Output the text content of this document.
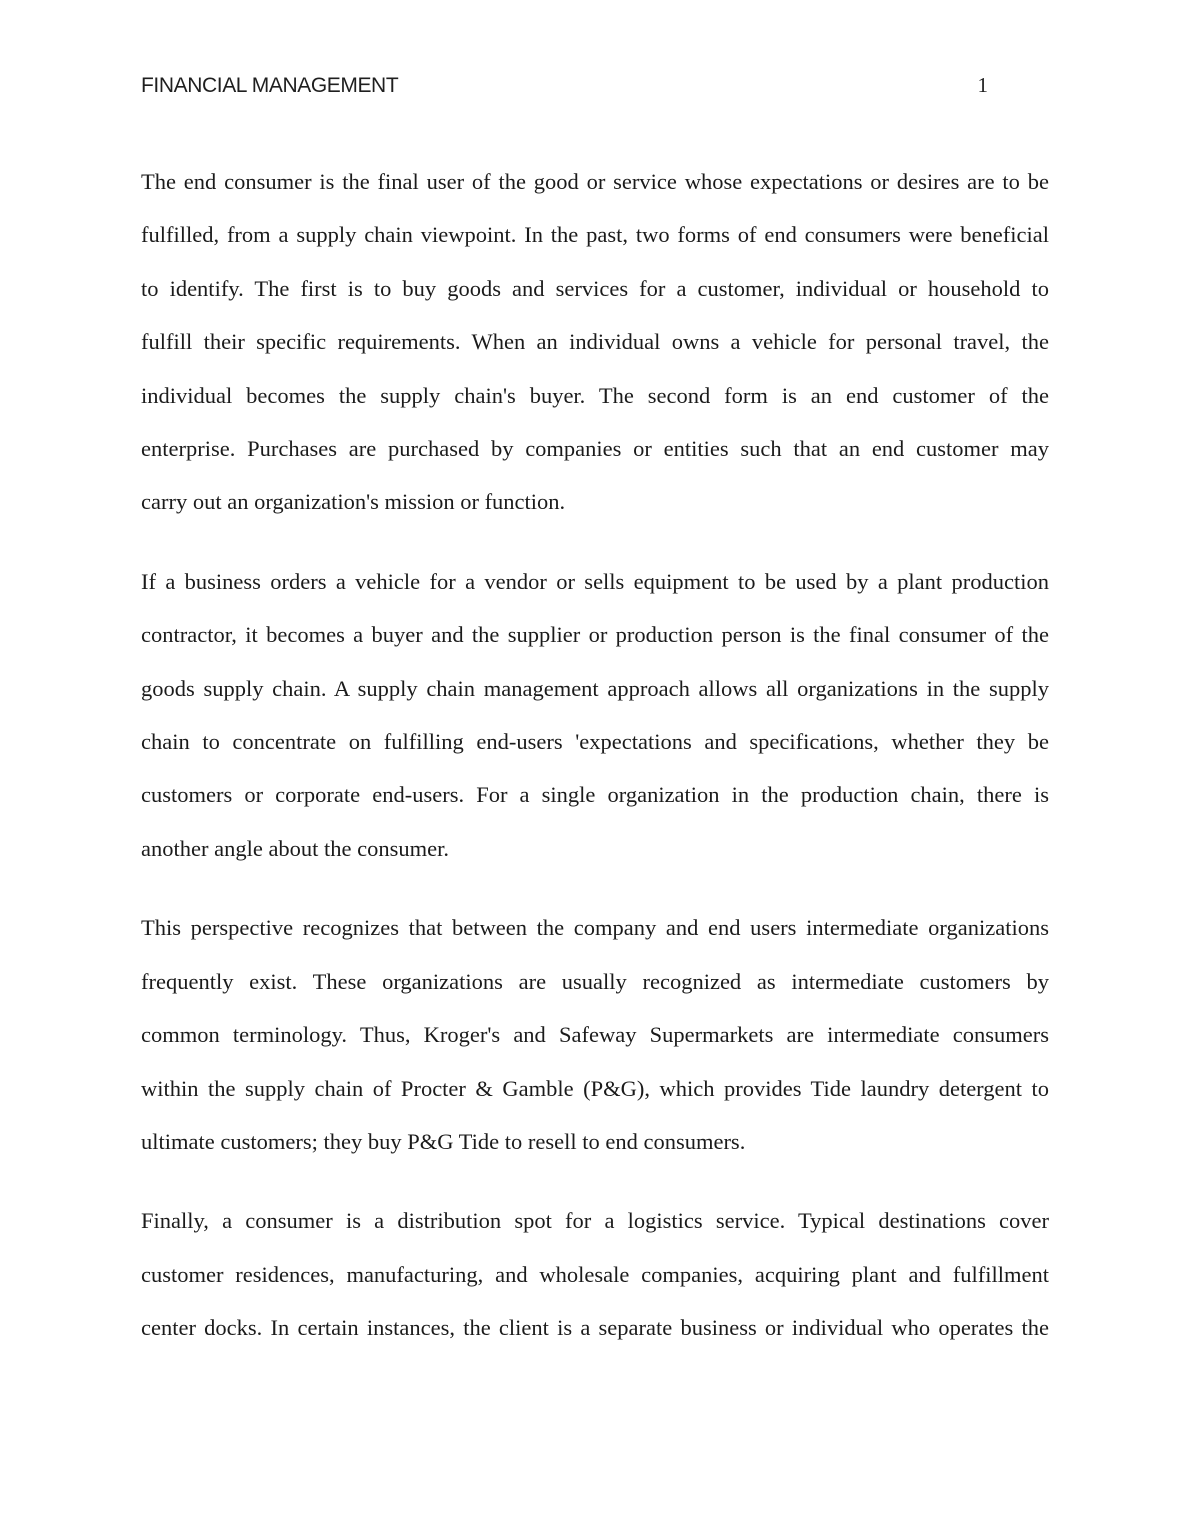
FINANCIAL MANAGEMENT	1
The end consumer is the final user of the good or service whose expectations or desires are to be
fulfilled, from a supply chain viewpoint. In the past, two forms of end consumers were beneficial
to identify. The first is to buy goods and services for a customer, individual or household to
fulfill their specific requirements. When an individual owns a vehicle for personal travel, the
individual becomes the supply chain's buyer. The second form is an end customer of the
enterprise. Purchases are purchased by companies or entities such that an end customer may
carry out an organization's mission or function.
If a business orders a vehicle for a vendor or sells equipment to be used by a plant production
contractor, it becomes a buyer and the supplier or production person is the final consumer of the
goods supply chain. A supply chain management approach allows all organizations in the supply
chain to concentrate on fulfilling end-users 'expectations and specifications, whether they be
customers or corporate end-users. For a single organization in the production chain, there is
another angle about the consumer.
This perspective recognizes that between the company and end users intermediate organizations
frequently exist. These organizations are usually recognized as intermediate customers by
common terminology. Thus, Kroger's and Safeway Supermarkets are intermediate consumers
within the supply chain of Procter & Gamble (P&G), which provides Tide laundry detergent to
ultimate customers; they buy P&G Tide to resell to end consumers.
Finally, a consumer is a distribution spot for a logistics service. Typical destinations cover
customer residences, manufacturing, and wholesale companies, acquiring plant and fulfillment
center docks. In certain instances, the client is a separate business or individual who operates the
